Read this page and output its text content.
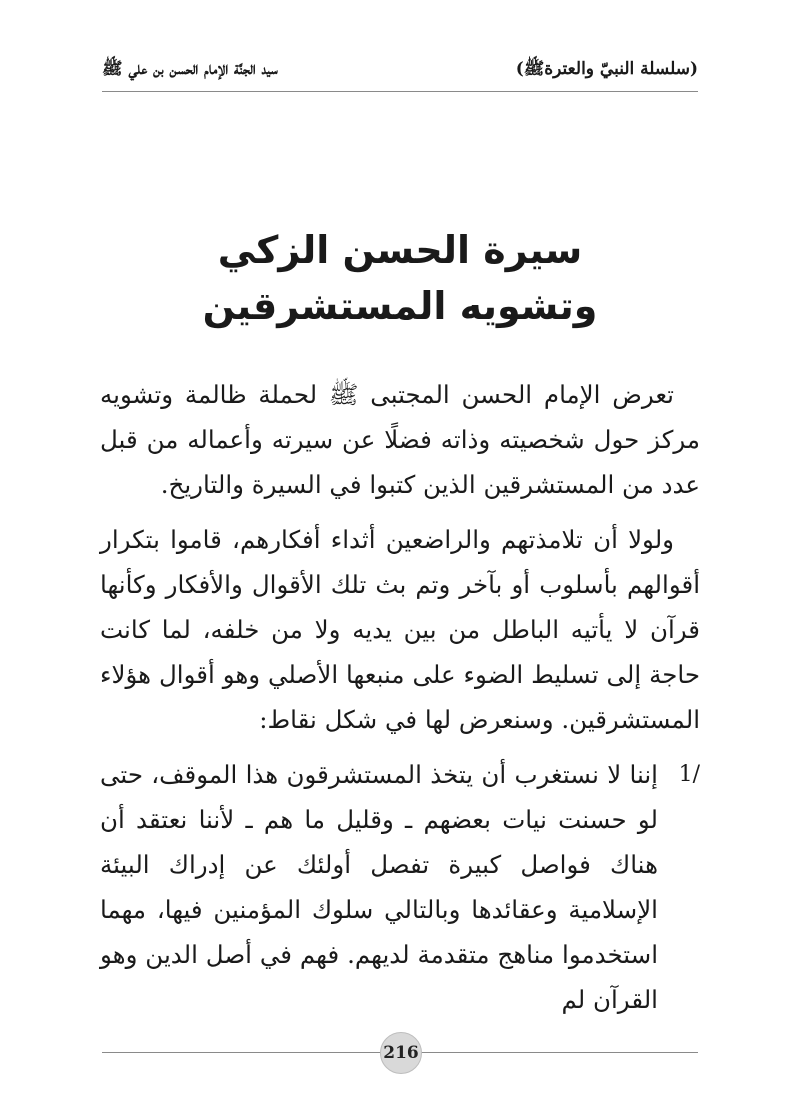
سيد الجنَّة الإمام الحسن بن علي ﷺ	(سلسلة النبيّ والعترةﷺ)
سيرة الحسن الزكي
وتشويه المستشرقين

تعرض الإمام الحسن المجتبى ﷺ لحملة ظالمة وتشويه مركز حول شخصيته وذاته فضلًا عن سيرته وأعماله من قبل عدد من المستشرقين الذين كتبوا في السيرة والتاريخ.

ولولا أن تلامذتهم والراضعين أثداء أفكارهم، قاموا بتكرار أقوالهم بأسلوب أو بآخر وتم بث تلك الأقوال والأفكار وكأنها قرآن لا يأتيه الباطل من بين يديه ولا من خلفه، لما كانت حاجة إلى تسليط الضوء على منبعها الأصلي وهو أقوال هؤلاء المستشرقين. وسنعرض لها في شكل نقاط:

1/
إننا لا نستغرب أن يتخذ المستشرقون هذا الموقف، حتى لو حسنت نيات بعضهم ـ وقليل ما هم ـ لأننا نعتقد أن هناك فواصل كبيرة تفصل أولئك عن إدراك البيئة الإسلامية وعقائدها وبالتالي سلوك المؤمنين فيها، مهما استخدموا مناهج متقدمة لديهم. فهم في أصل الدين وهو القرآن لم
216
